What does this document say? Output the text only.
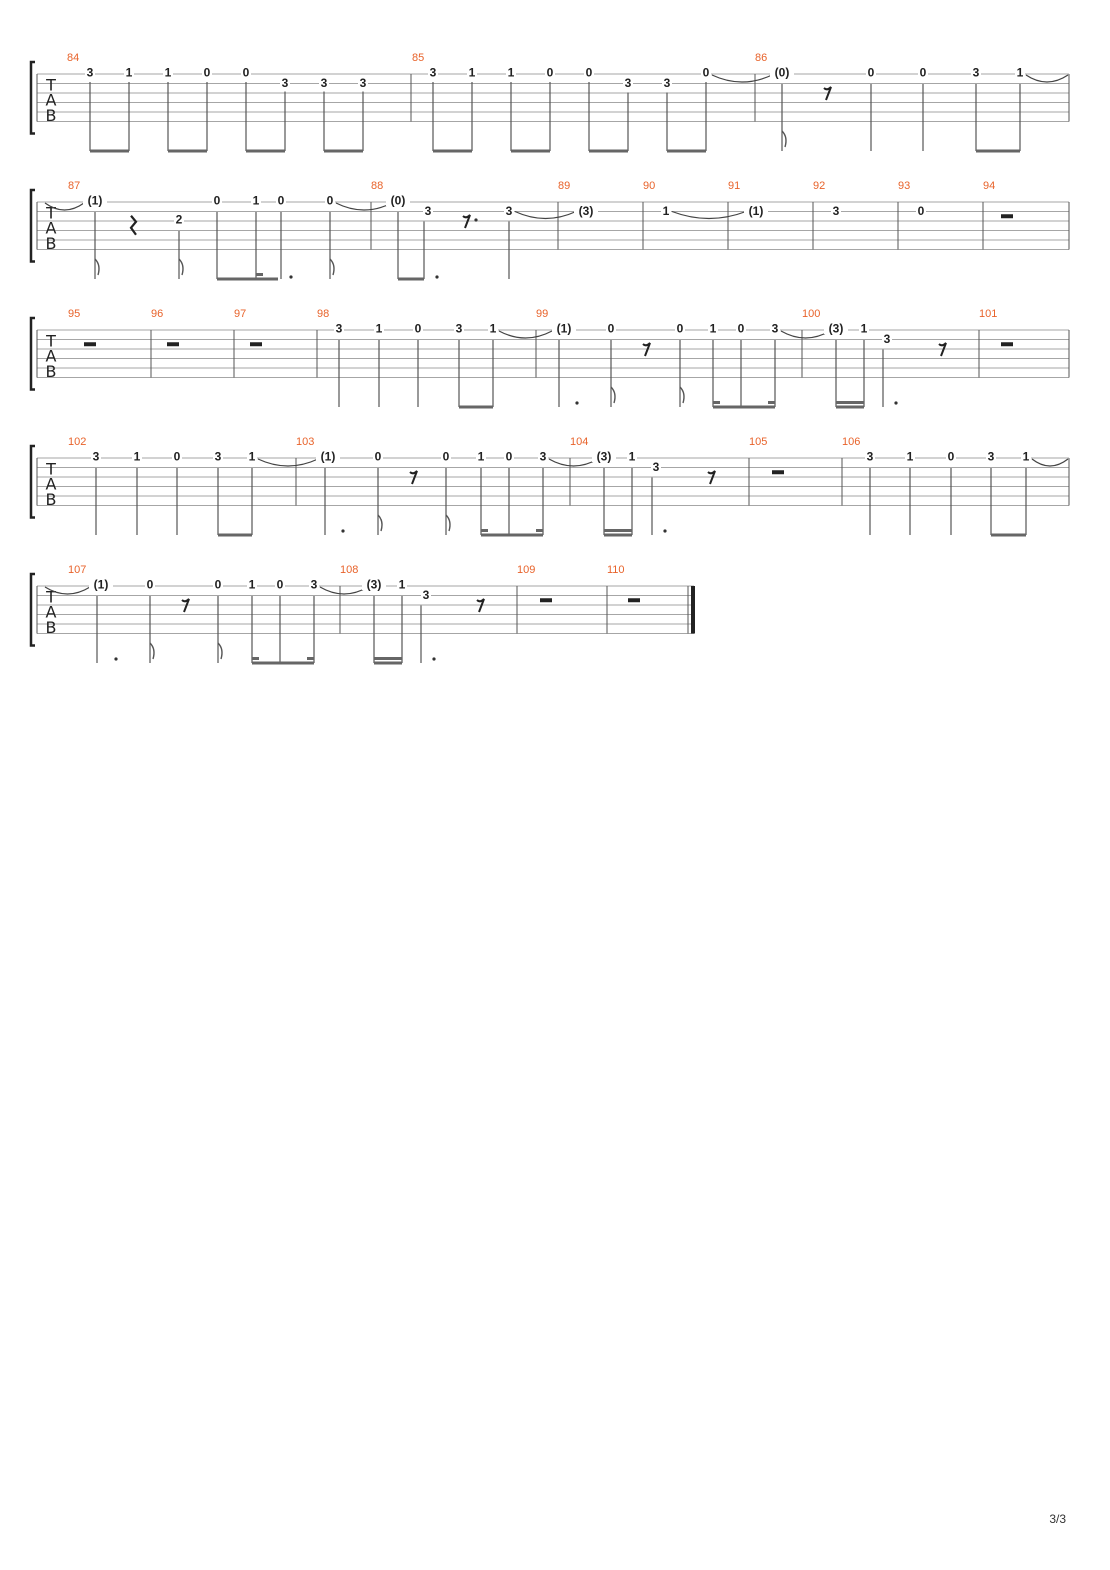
T
A
B
T
A
B
T
A
B
T
A
B
T
A
B
84	85	86
3	1	1	0	0
3	3	3
3	1	1	0	0
3	3
0	(0)	0	0	3	1
87	88	89	90	91	92	93	94
(1)
2
0	1 0	0	(0)
3	3	(3)	1	(1)	3	0
95	96	97	98	99	100	101
3	1	0	3 1	(1)	0	0 1 0 3	(3) 1
3
102	103	104	105	106
3	1	0	3 1	(1)	0	0 1 0 3	(3) 1
3
3	1	0	3 1
107	108	109	110
(1)	0	0 1 0 3	(3) 1
3
3/3
